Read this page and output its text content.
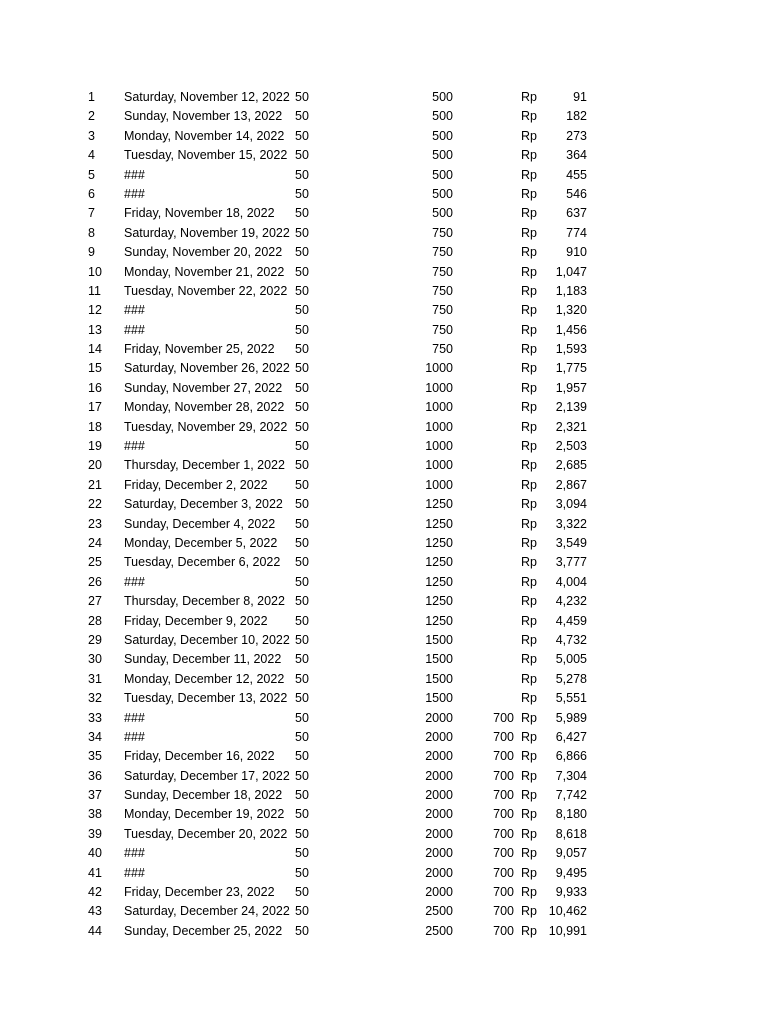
1 Saturday, November 12, 2022 50	500	Rp	91
2 Sunday, November 13, 2022 50	500	Rp 182
3 Monday, November 14, 2022 50	500	Rp 273
4 Tuesday, November 15, 2022 50	500	Rp 364
5 ###	50	500	Rp 455
6 ###	50	500	Rp 546
7 Friday, November 18, 2022 50	500	Rp 637
8 Saturday, November 19, 2022 50	750	Rp 774
9 Sunday, November 20, 2022 50	750	Rp 910
10 Monday, November 21, 2022 50	750	Rp 1,047
11 Tuesday, November 22, 2022 50	750	Rp 1,183
12 ###	50	750	Rp 1,320
13 ###	50	750	Rp 1,456
14 Friday, November 25, 2022 50	750	Rp 1,593
15 Saturday, November 26, 2022 50	1000	Rp 1,775
16 Sunday, November 27, 2022 50	1000	Rp 1,957
17 Monday, November 28, 2022 50	1000	Rp 2,139
18 Tuesday, November 29, 2022 50	1000	Rp 2,321
19 ###	50	1000	Rp 2,503
20 Thursday, December 1, 2022 50	1000	Rp 2,685
21 Friday, December 2, 2022 50	1000	Rp 2,867
22 Saturday, December 3, 2022 50	1250	Rp 3,094
23 Sunday, December 4, 2022 50	1250	Rp 3,322
24 Monday, December 5, 2022 50	1250	Rp 3,549
25 Tuesday, December 6, 2022 50	1250	Rp 3,777
26 ###	50	1250	Rp 4,004
27 Thursday, December 8, 2022 50	1250	Rp 4,232
28 Friday, December 9, 2022 50	1250	Rp 4,459
29 Saturday, December 10, 2022 50	1500	Rp 4,732
30 Sunday, December 11, 2022 50	1500	Rp 5,005
31 Monday, December 12, 2022 50	1500	Rp 5,278
32 Tuesday, December 13, 2022 50	1500	Rp 5,551
33 ###	50	2000	700 Rp 5,989
34 ###	50	2000	700 Rp 6,427
35 Friday, December 16, 2022 50	2000	700 Rp 6,866
36 Saturday, December 17, 2022 50	2000	700 Rp 7,304
37 Sunday, December 18, 2022 50	2000	700 Rp 7,742
38 Monday, December 19, 2022 50	2000	700 Rp 8,180
39 Tuesday, December 20, 2022 50	2000	700 Rp 8,618
40 ###	50	2000	700 Rp 9,057
41 ###	50	2000	700 Rp 9,495
42 Friday, December 23, 2022 50	2000	700 Rp 9,933
43 Saturday, December 24, 2022 50	2500	700 Rp 10,462
44 Sunday, December 25, 2022 50	2500	700 Rp 10,991
